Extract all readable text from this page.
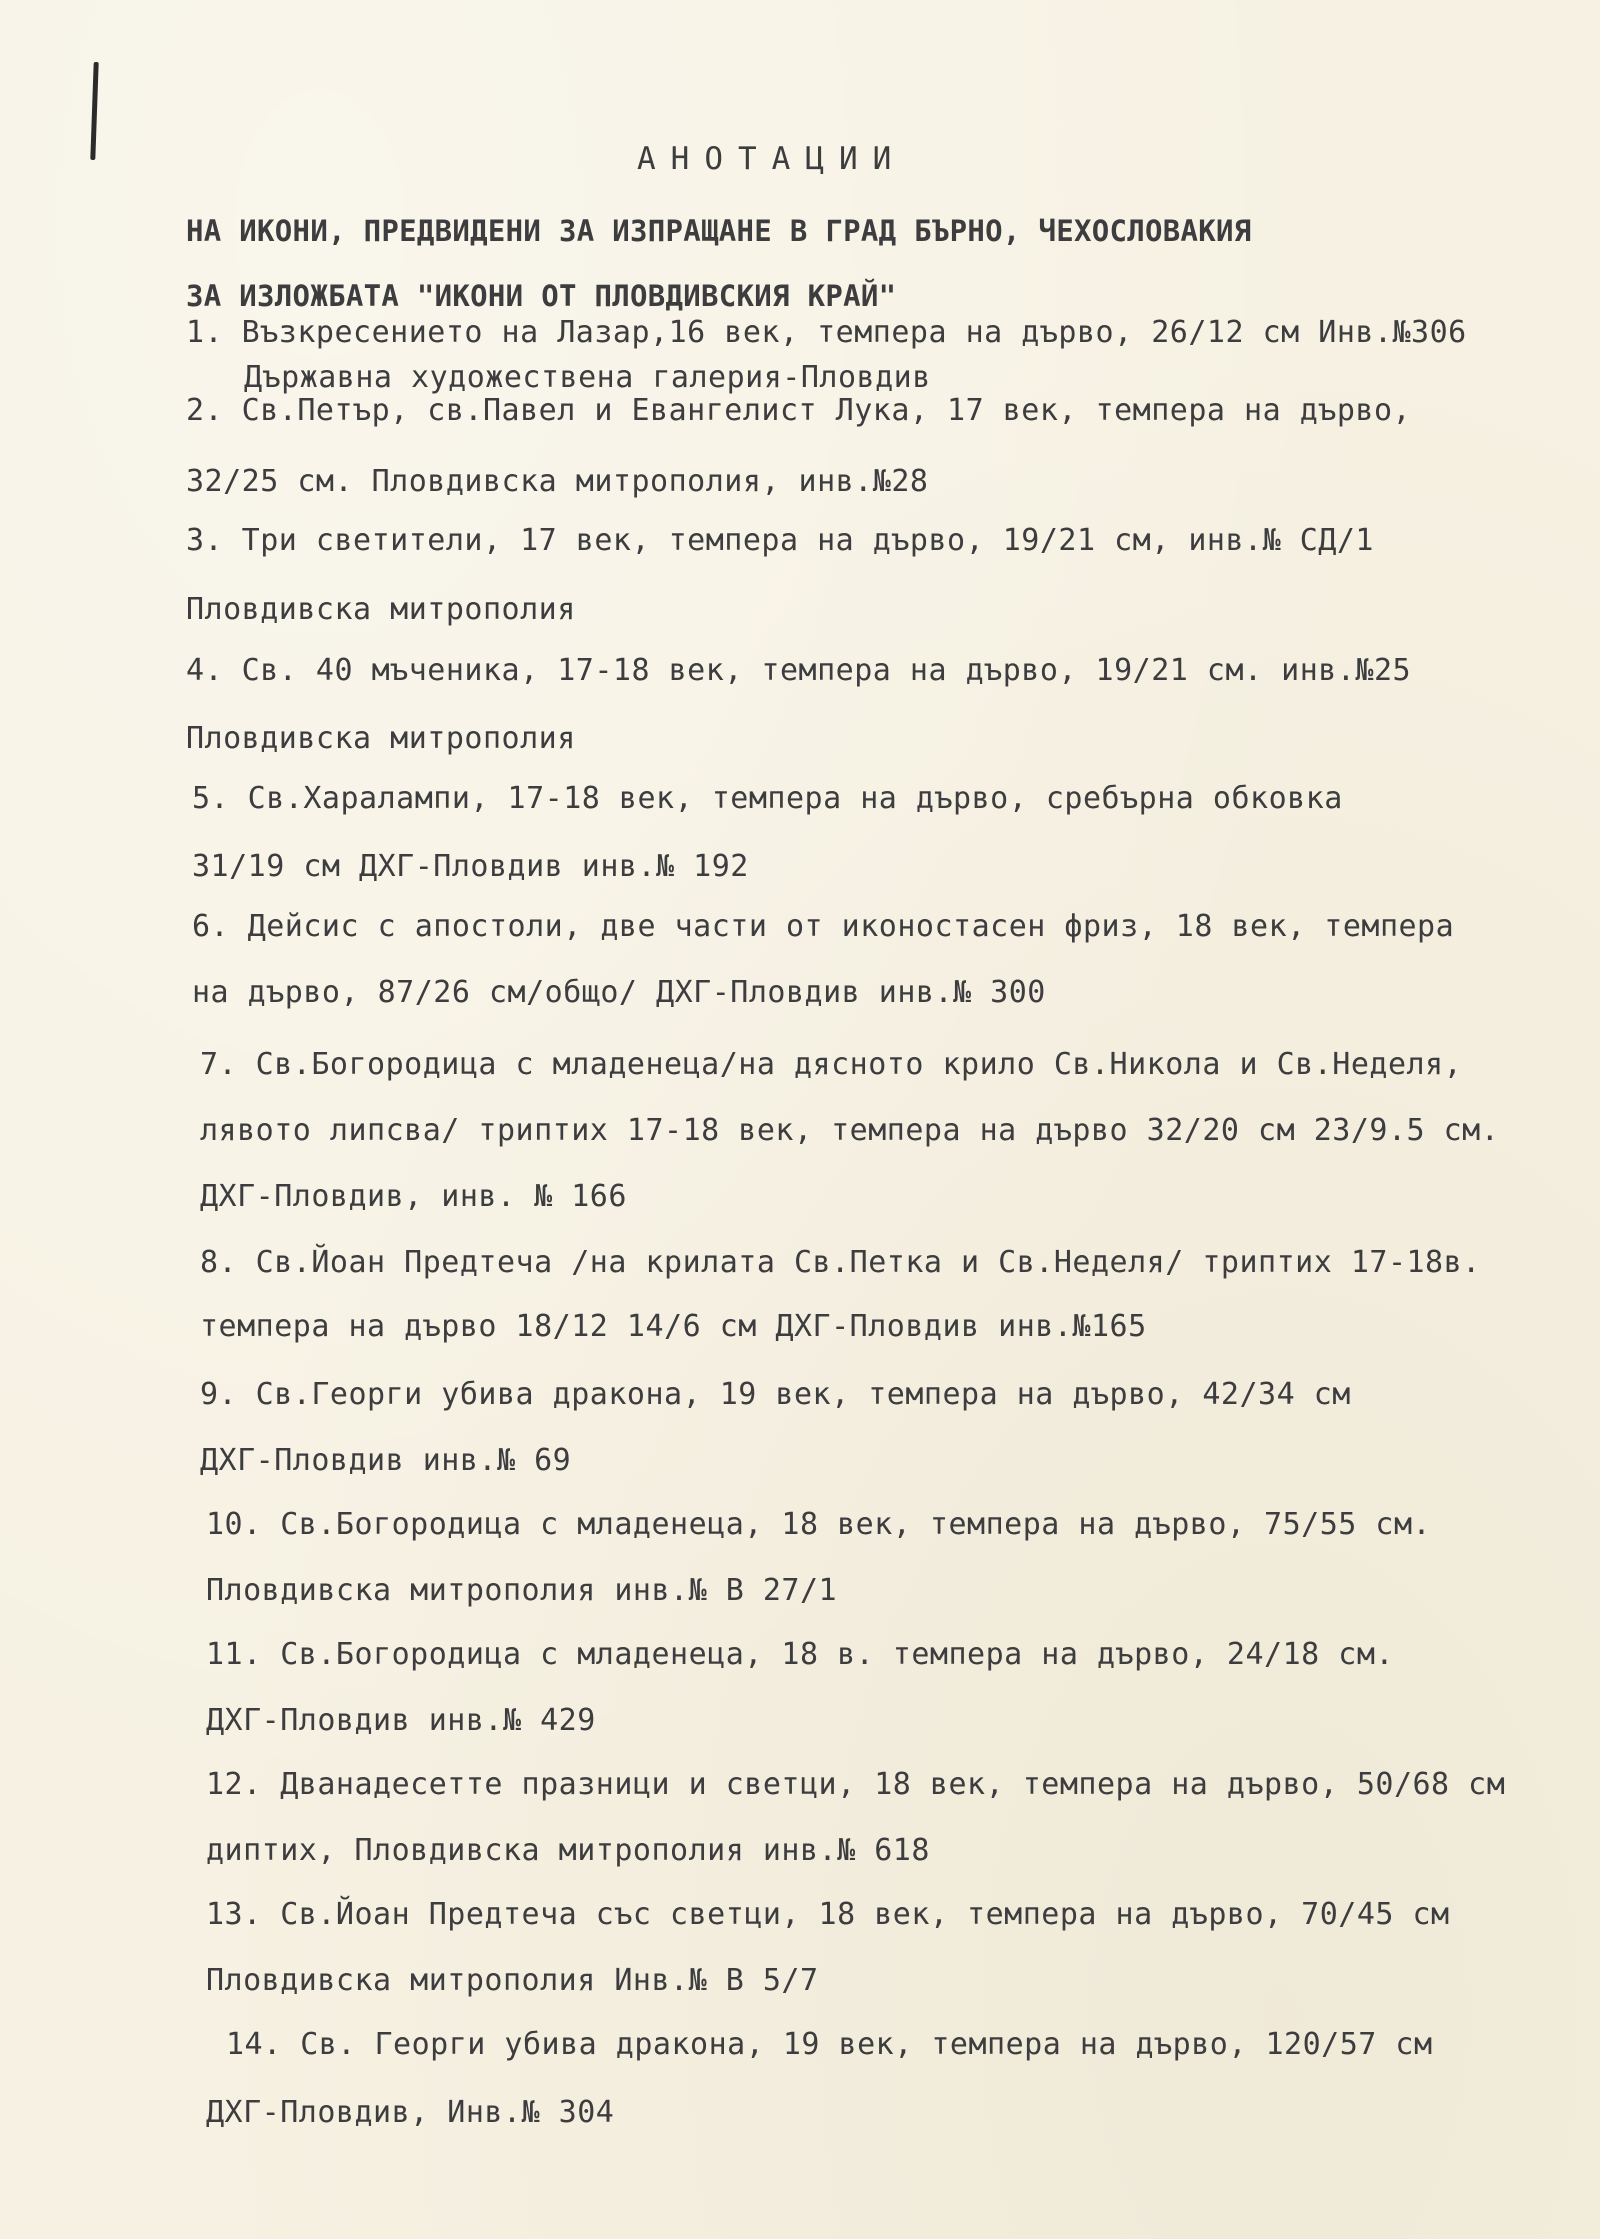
АНОТАЦИИ
НА ИКОНИ, ПРЕДВИДЕНИ ЗА ИЗПРАЩАНЕ В ГРАД БЪРНО, ЧЕХОСЛОВАКИЯ
ЗА ИЗЛОЖБАТА "ИКОНИ ОТ ПЛОВДИВСКИЯ КРАЙ"
1. Възкресението на Лазар,16 век, темпера на дърво, 26/12 см Инв.№306
Държавна художествена галерия-Пловдив
2. Св.Петър, св.Павел и Евангелист Лука, 17 век, темпера на дърво,
32/25 см. Пловдивска митрополия, инв.№28
3. Три светители, 17 век, темпера на дърво, 19/21 см, инв.№ СД/1
Пловдивска митрополия
4. Св. 40 мъченика, 17-18 век, темпера на дърво, 19/21 см. инв.№25
Пловдивска митрополия
5. Св.Харалампи, 17-18 век, темпера на дърво, сребърна обковка
31/19 см ДХГ-Пловдив инв.№ 192
6. Дейсис с апостоли, две части от иконостасен фриз, 18 век, темпера
на дърво, 87/26 см/общо/ ДХГ-Пловдив инв.№ 300
7. Св.Богородица с младенеца/на дясното крило Св.Никола и Св.Неделя,
лявото липсва/ триптих 17-18 век, темпера на дърво 32/20 см 23/9.5 см.
ДХГ-Пловдив, инв. № 166
8. Св.Йоан Предтеча /на крилата Св.Петка и Св.Неделя/ триптих 17-18в.
темпера на дърво 18/12 14/6 см ДХГ-Пловдив инв.№165
9. Св.Георги убива дракона, 19 век, темпера на дърво, 42/34 см
ДХГ-Пловдив инв.№ 69
10. Св.Богородица с младенеца, 18 век, темпера на дърво, 75/55 см.
Пловдивска митрополия инв.№ В 27/1
11. Св.Богородица с младенеца, 18 в. темпера на дърво, 24/18 см.
ДХГ-Пловдив инв.№ 429
12. Дванадесетте празници и светци, 18 век, темпера на дърво, 50/68 см
диптих, Пловдивска митрополия инв.№ 618
13. Св.Йоан Предтеча със светци, 18 век, темпера на дърво, 70/45 см
Пловдивска митрополия Инв.№ В 5/7
14. Св. Георги убива дракона, 19 век, темпера на дърво, 120/57 см
ДХГ-Пловдив, Инв.№ 304
